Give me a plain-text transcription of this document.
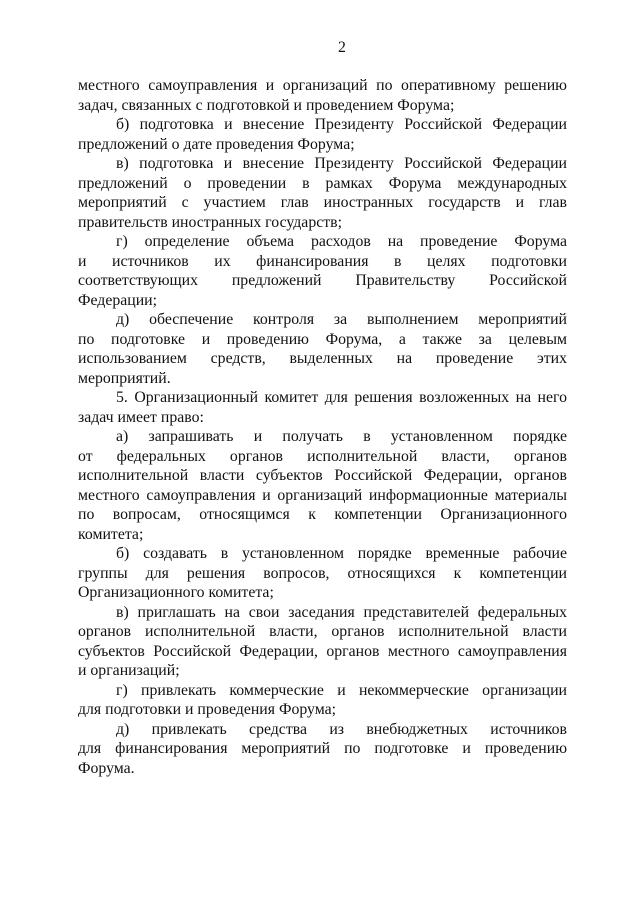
2
местного самоуправления и организаций по оперативному решению
задач, связанных с подготовкой и проведением Форума;
б) подготовка и внесение Президенту Российской Федерации
предложений о дате проведения Форума;
в) подготовка и внесение Президенту Российской Федерации
предложений о проведении в рамках Форума международных
мероприятий с участием глав иностранных государств и глав
правительств иностранных государств;
г) определение объема расходов на проведение Форума
и источников их финансирования в целях подготовки
соответствующих предложений Правительству Российской
Федерации;
д) обеспечение контроля за выполнением мероприятий
по подготовке и проведению Форума, а также за целевым
использованием средств, выделенных на проведение этих
мероприятий.
5. Организационный комитет для решения возложенных на него
задач имеет право:
а) запрашивать и получать в установленном порядке
от федеральных органов исполнительной власти, органов
исполнительной власти субъектов Российской Федерации, органов
местного самоуправления и организаций информационные материалы
по вопросам, относящимся к компетенции Организационного
комитета;
б) создавать в установленном порядке временные рабочие
группы для решения вопросов, относящихся к компетенции
Организационного комитета;
в) приглашать на свои заседания представителей федеральных
органов исполнительной власти, органов исполнительной власти
субъектов Российской Федерации, органов местного самоуправления
и организаций;
г) привлекать коммерческие и некоммерческие организации
для подготовки и проведения Форума;
д) привлекать средства из внебюджетных источников
для финансирования мероприятий по подготовке и проведению
Форума.
